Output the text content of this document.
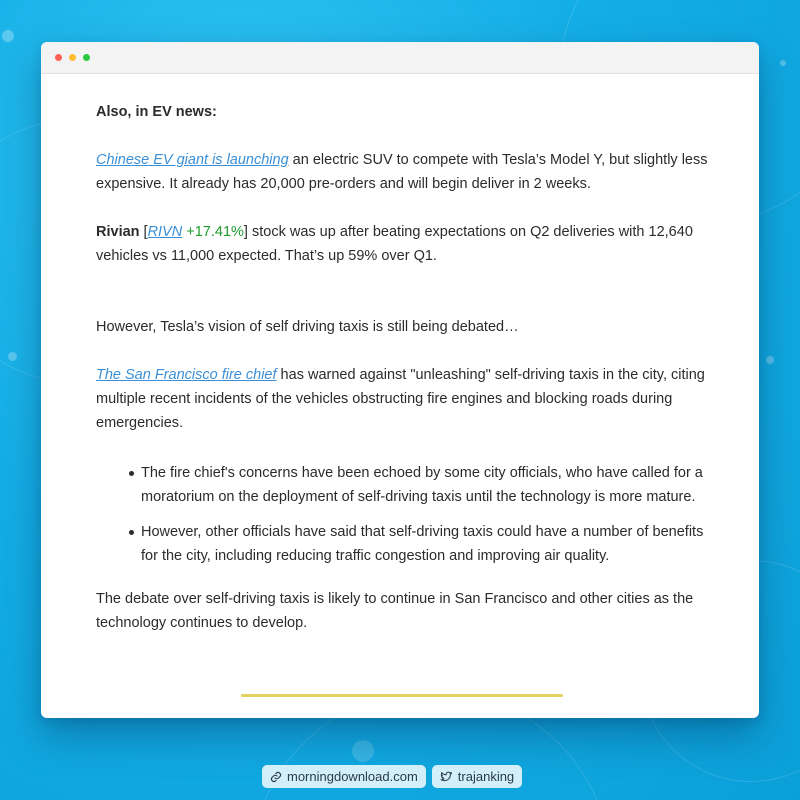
Also, in EV news:

Chinese EV giant is launching an electric SUV to compete with Tesla’s Model Y, but slightly less expensive. It already has 20,000 pre-orders and will begin deliver in 2 weeks.

Rivian [RIVN +17.41%] stock was up after beating expectations on Q2 deliveries with 12,640 vehicles vs 11,000 expected. That’s up 59% over Q1.

However, Tesla’s vision of self driving taxis is still being debated…

The San Francisco fire chief has warned against "unleashing" self-driving taxis in the city, citing multiple recent incidents of the vehicles obstructing fire engines and blocking roads during emergencies.

The fire chief's concerns have been echoed by some city officials, who have called for a moratorium on the deployment of self-driving taxis until the technology is more mature.
However, other officials have said that self-driving taxis could have a number of benefits for the city, including reducing traffic congestion and improving air quality.

The debate over self-driving taxis is likely to continue in San Francisco and other cities as the technology continues to develop.

morningdownload.com	trajanking
